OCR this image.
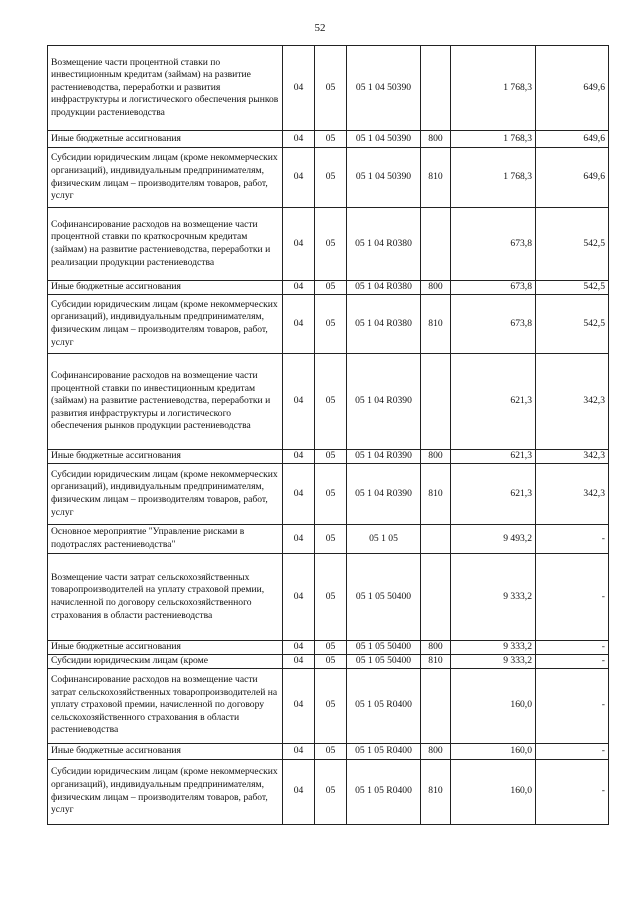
52
Возмещение части процентной ставки по инвестиционным кредитам (займам) на развитие растениеводства, переработки и развития инфраструктуры и логистического обеспечения рынков продукции растениеводства	04	05	05 1 04 50390		1 768,3	649,6
Иные бюджетные ассигнования	04	05	05 1 04 50390	800	1 768,3	649,6
Субсидии юридическим лицам (кроме некоммерческих организаций), индивидуальным предпринимателям, физическим лицам – производителям товаров, работ, услуг	04	05	05 1 04 50390	810	1 768,3	649,6
Софинансирование расходов на возмещение части процентной ставки по краткосрочным кредитам (займам) на развитие растениеводства, переработки и реализации продукции растениеводства	04	05	05 1 04 R0380		673,8	542,5
Иные бюджетные ассигнования	04	05	05 1 04 R0380	800	673,8	542,5
Субсидии юридическим лицам (кроме некоммерческих организаций), индивидуальным предпринимателям, физическим лицам – производителям товаров, работ, услуг	04	05	05 1 04 R0380	810	673,8	542,5
Софинансирование расходов на возмещение части процентной ставки по инвестиционным кредитам (займам) на развитие растениеводства, переработки и развития инфраструктуры и логистического обеспечения рынков продукции растениеводства	04	05	05 1 04 R0390		621,3	342,3
Иные бюджетные ассигнования	04	05	05 1 04 R0390	800	621,3	342,3
Субсидии юридическим лицам (кроме некоммерческих организаций), индивидуальным предпринимателям, физическим лицам – производителям товаров, работ, услуг	04	05	05 1 04 R0390	810	621,3	342,3
Основное мероприятие "Управление рисками в подотраслях растениеводства"	04	05	05 1 05		9 493,2	-
Возмещение части затрат сельскохозяйственных товаропроизводителей на уплату страховой премии, начисленной по договору сельскохозяйственного страхования в области растениеводства	04	05	05 1 05 50400		9 333,2	-
Иные бюджетные ассигнования	04	05	05 1 05 50400	800	9 333,2	-
Субсидии юридическим лицам (кроме	04	05	05 1 05 50400	810	9 333,2	-
Софинансирование расходов на возмещение части затрат сельскохозяйственных товаропроизводителей на уплату страховой премии, начисленной по договору сельскохозяйственного страхования в области растениеводства	04	05	05 1 05 R0400		160,0	-
Иные бюджетные ассигнования	04	05	05 1 05 R0400	800	160,0	-
Субсидии юридическим лицам (кроме некоммерческих организаций), индивидуальным предпринимателям, физическим лицам – производителям товаров, работ, услуг	04	05	05 1 05 R0400	810	160,0	-
